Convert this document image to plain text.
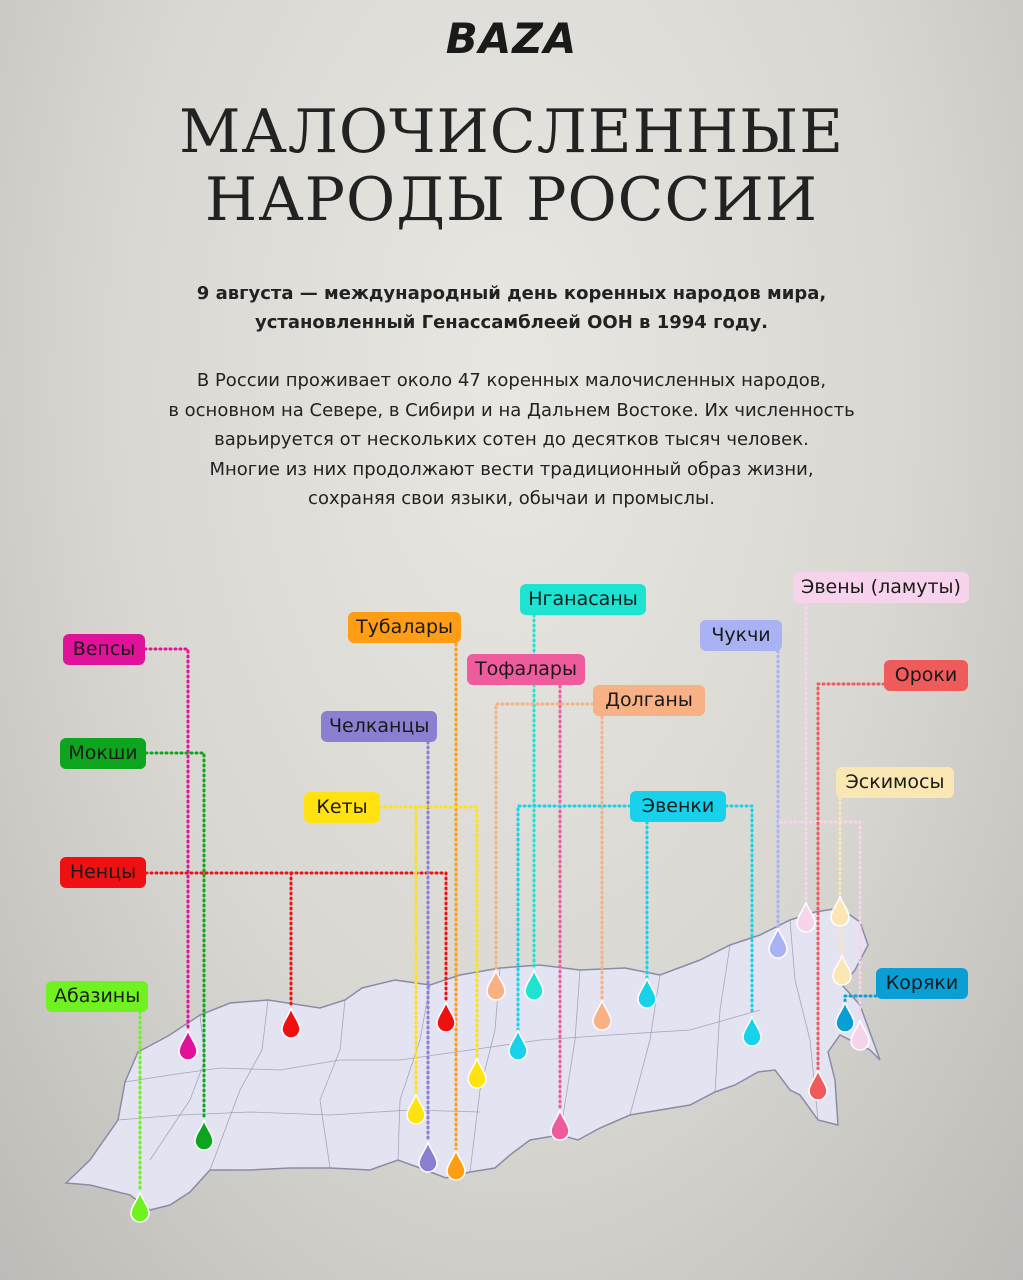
BAZA
МАЛОЧИСЛЕННЫЕ
НАРОДЫ РОССИИ
9 августа — международный день коренных народов мира,
установленный Генассамблеей ООН в 1994 году.
В России проживает около 47 коренных малочисленных народов,
в основном на Севере, в Сибири и на Дальнем Востоке. Их численность
варьируется от нескольких сотен до десятков тысяч человек.
Многие из них продолжают вести традиционный образ жизни,
сохраняя свои языки, обычаи и промыслы.
Вепсы
Мокши
Ненцы
Абазины
Тубалары
Челканцы
Кеты
Нганасаны
Тофалары
Долганы
Эвенки
Чукчи
Эвены (ламуты)
Ороки
Эскимосы
Коряки
